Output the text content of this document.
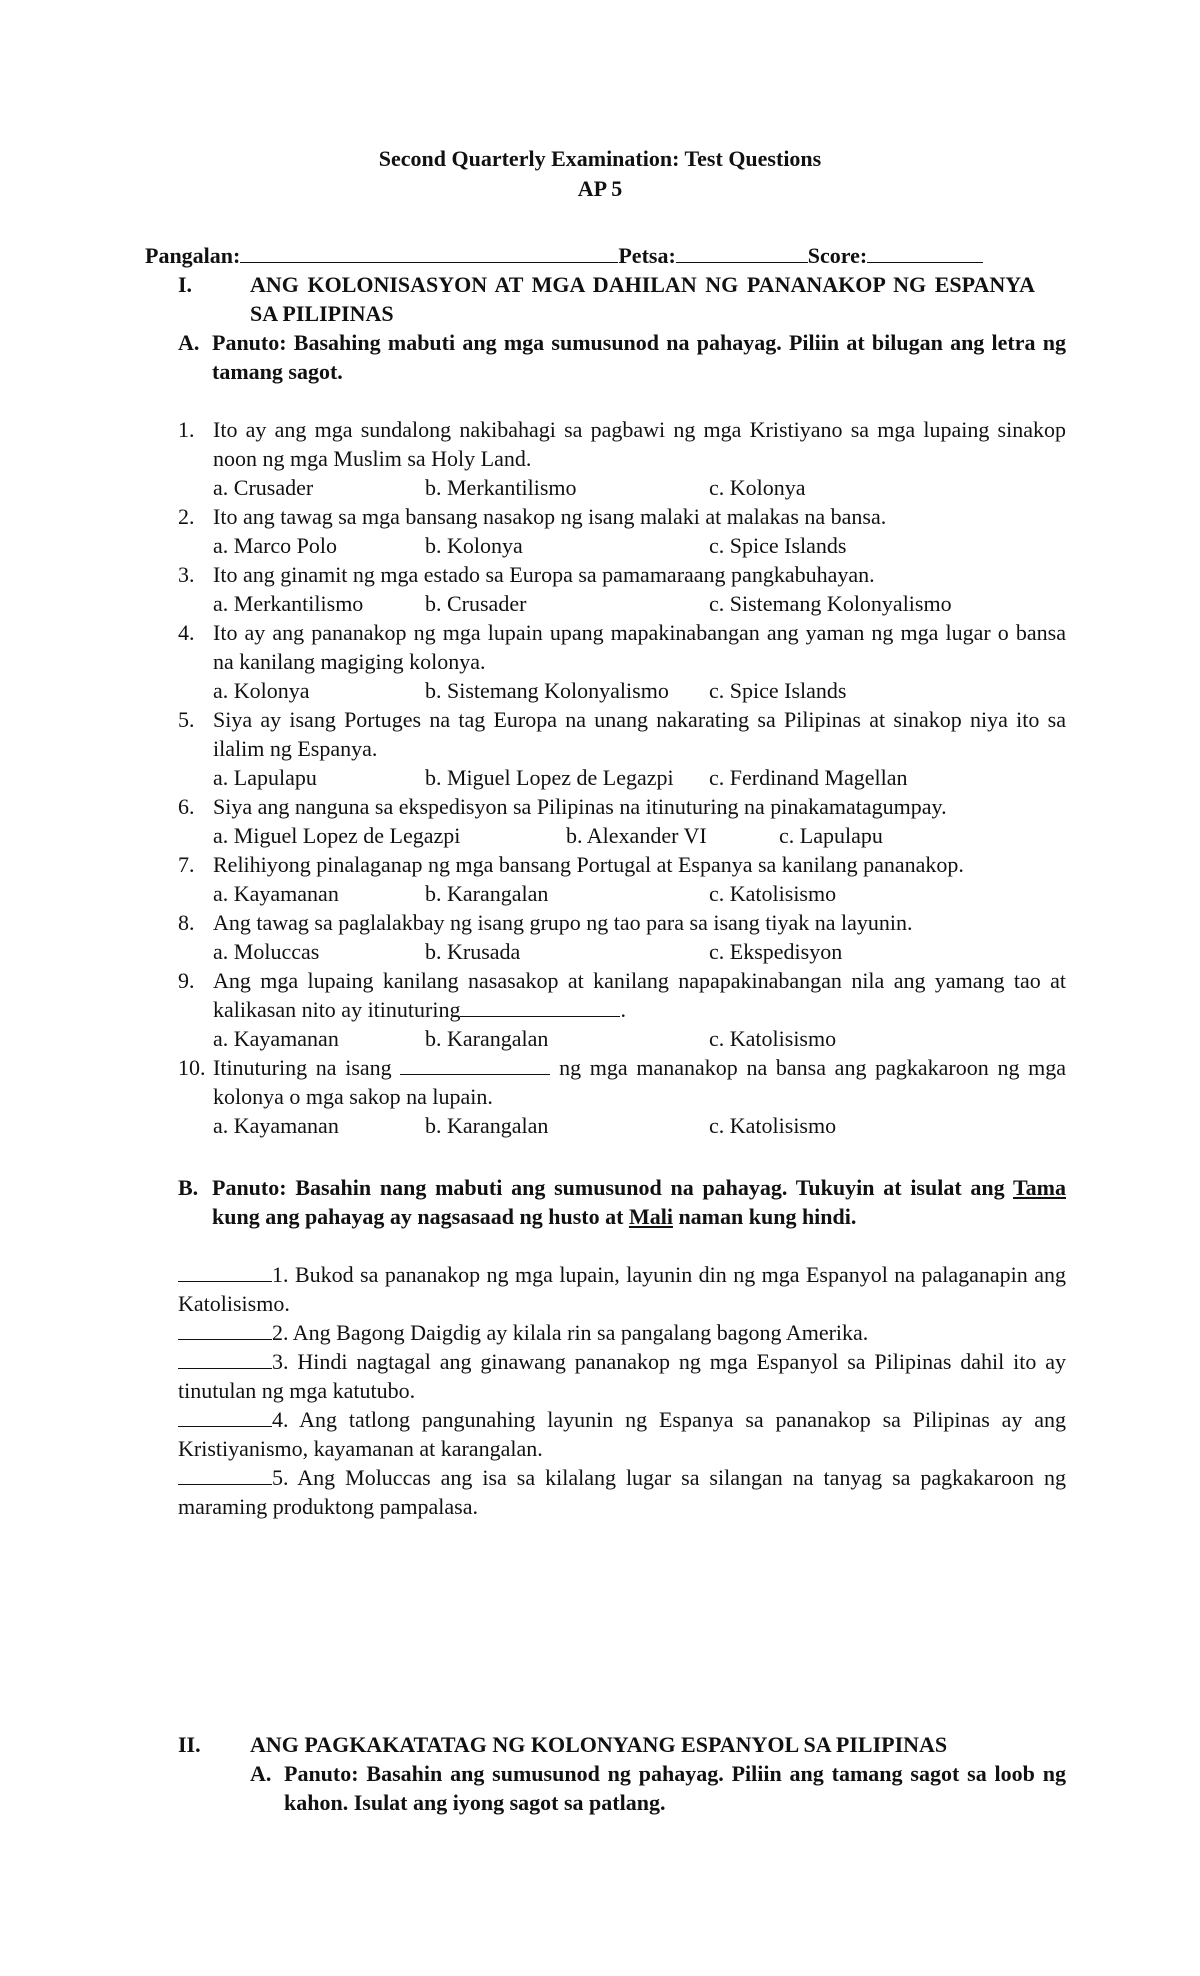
Second Quarterly Examination: Test Questions
AP 5
Pangalan:	Petsa:	Score:
I.	ANG KOLONISASYON AT MGA DAHILAN NG PANANAKOP NG ESPANYA SA PILIPINAS
A. Panuto: Basahing mabuti ang mga sumusunod na pahayag. Piliin at bilugan ang letra ng tamang sagot.
1. Ito ay ang mga sundalong nakibahagi sa pagbawi ng mga Kristiyano sa mga lupaing sinakop noon ng mga Muslim sa Holy Land.
a. Crusader	b. Merkantilismo	c. Kolonya
2. Ito ang tawag sa mga bansang nasakop ng isang malaki at malakas na bansa.
a. Marco Polo	b. Kolonya	c. Spice Islands
3. Ito ang ginamit ng mga estado sa Europa sa pamamaraang pangkabuhayan.
a. Merkantilismo	b. Crusader	c. Sistemang Kolonyalismo
4. Ito ay ang pananakop ng mga lupain upang mapakinabangan ang yaman ng mga lugar o bansa na kanilang magiging kolonya.
a. Kolonya	b. Sistemang Kolonyalismo c. Spice Islands
5. Siya ay isang Portuges na tag Europa na unang nakarating sa Pilipinas at sinakop niya ito sa ilalim ng Espanya.
a. Lapulapu	b. Miguel Lopez de Legazpi c. Ferdinand Magellan
6. Siya ang nanguna sa ekspedisyon sa Pilipinas na itinuturing na pinakamatagumpay.
a. Miguel Lopez de Legazpi	b. Alexander VI	c. Lapulapu
7. Relihiyong pinalaganap ng mga bansang Portugal at Espanya sa kanilang pananakop.
a. Kayamanan	b. Karangalan	c. Katolisismo
8. Ang tawag sa paglalakbay ng isang grupo ng tao para sa isang tiyak na layunin.
a. Moluccas	b. Krusada	c. Ekspedisyon
9. Ang mga lupaing kanilang nasasakop at kanilang napapakinabangan nila ang yamang tao at kalikasan nito ay itinuturing	.
a. Kayamanan	b. Karangalan	c. Katolisismo
10. Itinuturing na isang	ng mga mananakop na bansa ang pagkakaroon ng mga kolonya o mga sakop na lupain.
a. Kayamanan	b. Karangalan	c. Katolisismo
B. Panuto: Basahin nang mabuti ang sumusunod na pahayag. Tukuyin at isulat ang Tama kung ang pahayag ay nagsasaad ng husto at Mali naman kung hindi.
1. Bukod sa pananakop ng mga lupain, layunin din ng mga Espanyol na palaganapin ang Katolisismo.
2. Ang Bagong Daigdig ay kilala rin sa pangalang bagong Amerika.
3. Hindi nagtagal ang ginawang pananakop ng mga Espanyol sa Pilipinas dahil ito ay tinutulan ng mga katutubo.
4. Ang tatlong pangunahing layunin ng Espanya sa pananakop sa Pilipinas ay ang Kristiyanismo, kayamanan at karangalan.
5. Ang Moluccas ang isa sa kilalang lugar sa silangan na tanyag sa pagkakaroon ng maraming produktong pampalasa.
II. ANG PAGKAKATATAG NG KOLONYANG ESPANYOL SA PILIPINAS
A. Panuto: Basahin ang sumusunod ng pahayag. Piliin ang tamang sagot sa loob ng kahon. Isulat ang iyong sagot sa patlang.
